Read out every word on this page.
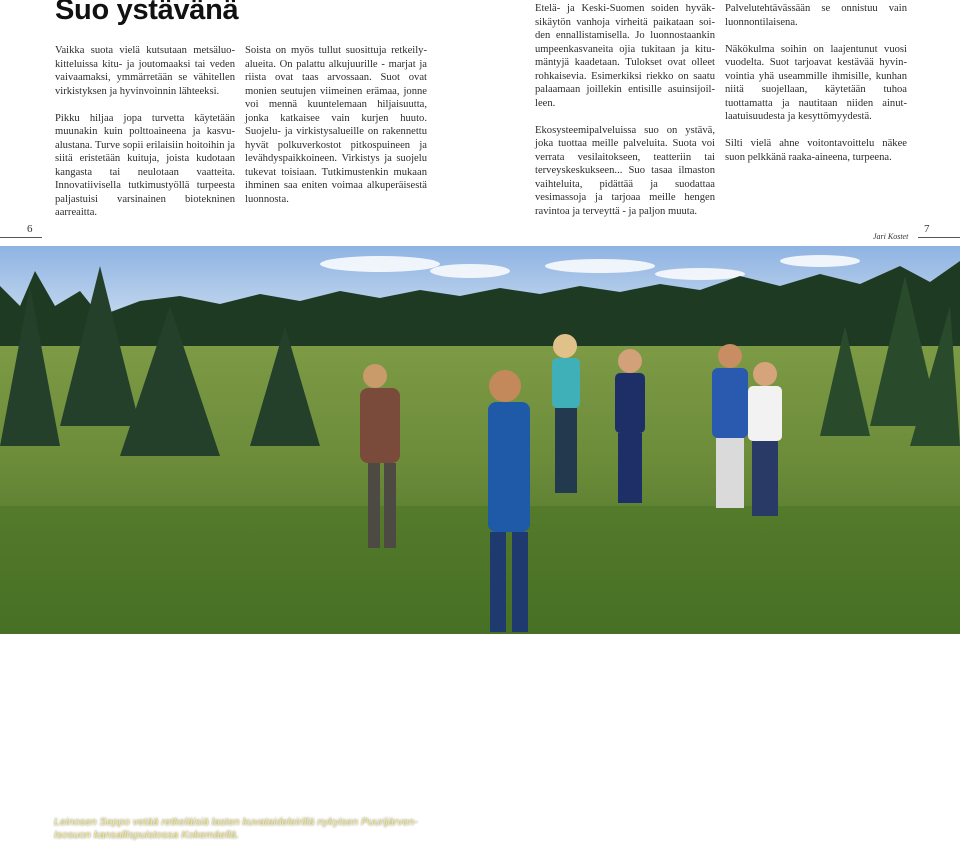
Suo ystävänä

Vaikka suota vielä kutsutaan metsäluokitteluissa kitu- ja joutomaaksi tai veden vaivaamaksi, ymmärretään se vähitellen virkistyksen ja hyvinvoinnin lähteeksi.

Pikku hiljaa jopa turvetta käytetään muunakin kuin polttoaineena ja kasvualustana. Turve sopii erilaisiin hoitoihin ja siitä eristetään kuituja, joista kudotaan kangasta tai neulotaan vaatteita. Innovatiivisella tutkimustyöllä turpeesta paljastuisi varsinainen biotekninen aarreaitta.

Soista on myös tullut suosittuja retkeilyalueita. On palattu alkujuurille - marjat ja riista ovat taas arvossaan. Suot ovat monien seutujen viimeinen erämaa, jonne voi mennä kuuntelemaan hiljaisuutta, jonka katkaisee vain kurjen huuto. Suojelu- ja virkistysalueille on rakennettu hyvät polkuverkostot pitkospuineen ja levähdyspaikkoineen. Virkistys ja suojelu tukevat toisiaan. Tutkimustenkin mukaan ihminen saa eniten voimaa alkuperäisestä luonnosta.

Etelä- ja Keski-Suomen soiden hyväksikäytön vanhoja virheitä paikataan soiden ennallistamisella. Jo luonnostaankin umpeenkasvaneita ojia tukitaan ja kitumäntyjä kaadetaan. Tulokset ovat olleet rohkaisevia. Esimerkiksi riekko on saatu palaamaan joillekin entisille asuinsijoilleen.

Ekosysteemipalveluissa suo on ystävä, joka tuottaa meille palveluita. Suota voi verrata vesilaitokseen, teatteriin tai terveyskeskukseen... Suo tasaa ilmaston vaihteluita, pidättää ja suodattaa vesimassoja ja tarjoaa meille hengen ravintoa ja terveyttä - ja paljon muuta.

Palvelutehtävässään se onnistuu vain luonnontilaisena.

Näkökulma soihin on laajentunut vuosi vuodelta. Suot tarjoavat kestävää hyvinvointia yhä useammille ihmisille, kunhan niitä suojellaan, käytetään tuhoa tuottamatta ja nautitaan niiden ainutlaatuisuudesta ja kesyttömyydestä.

Silti vielä ahne voitontavoittelu näkee suon pelkkänä raaka-aineena, turpeena.

6
Jari Kostet
7
Leinosen Seppo vetää retkeläisiä lasten kuvataideleirillä nykyisen Puurijärven-Isosuon kansallispuistossa Kokemäellä.
